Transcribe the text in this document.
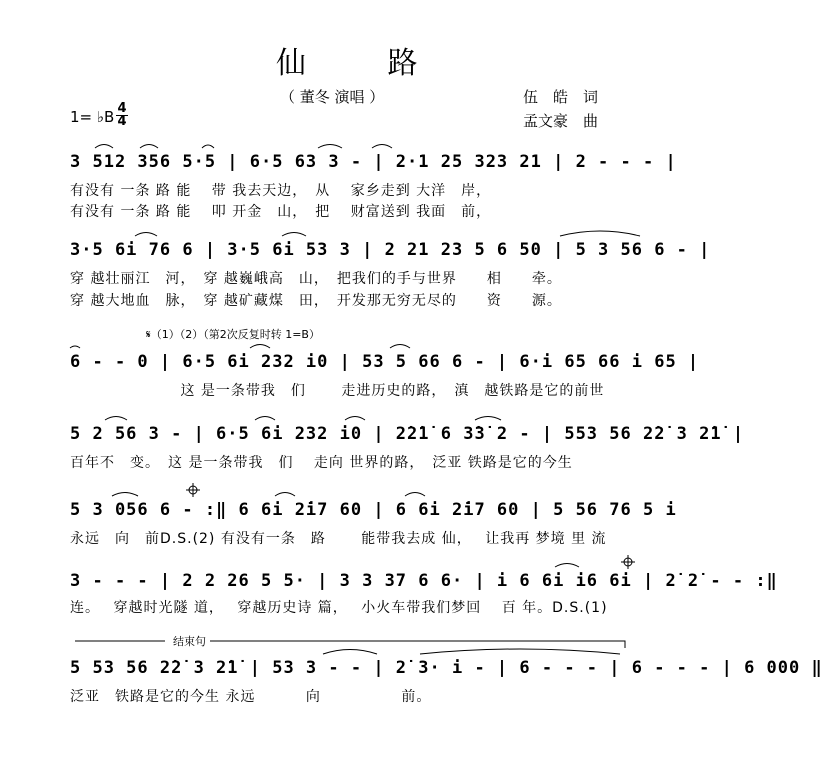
仙 路
（ 董冬 演唱 ）	伍　皓　词
孟文豪　曲
1= ♭B $\frac{4}{4}$
3 512 356 5·5 | 6·5 63 3 - | 2·1 25 323 21 | 2 - - - |
有没有 一条 路 能　 带 我去天边，　从　 家乡走到 大洋　岸，
有没有 一条 路 能　 叩 开金　山，　把　 财富送到 我面　前，
3·5 6i 76 6 | 3·5 6i 53 3 | 2 21 23 5 6 50 | 5 3 56 6 - |
穿 越壮丽江　河，　穿 越巍峨高　山，　把我们的手与世界　　相　　牵。
穿 越大地血　脉，　穿 越矿藏煤　田，　开发那无穷无尽的　　资　　源。
𝄋（1）（2）（第2次反复时转 1=B）
6 - - 0 | 6·5 6i 232 i0 | 53 5 66 6 - | 6·i 65 66 i 65 |
　　　　　　　 这 是一条带我　们　　 走进历史的路，　滇　越铁路是它的前世
5 2 56 3 - | 6·5 6i 232 i0 | 2̇2̇1̇ 6 3̇3̇ 2 - | 553 56 2̇2̇ 3 2̇1̇ |
百年不　变。　这 是一条带我　们　 走向 世界的路，　泛亚 铁路是它的今生
5 3 056 6 - :‖ 6 6i 2̇i7 60 | 6 6i 2̇i7 60 | 5 56 76 5 i
永远　向　前D.S.(2) 有没有一条　路　　 能带我去成 仙，　 让我再 梦境 里 流
3 - - - | 2 2 26 5 5· | 3 3 37 6 6· | i 6 6i i6 6i | 2̇ 2̇ - - :‖
连。　 穿越时光隧 道，　 穿越历史诗 篇，　 小火车带我们梦回　 百 年。D.S.(1)
结束句
5 53 56 2̇2̇ 3 2̇1̇ | 53 3 - - | 2̇ 3· i - | 6 - - - | 6 - - - | 6 000 ‖
泛亚　铁路是它的今生 永远　　　 向　　　　　 前。
